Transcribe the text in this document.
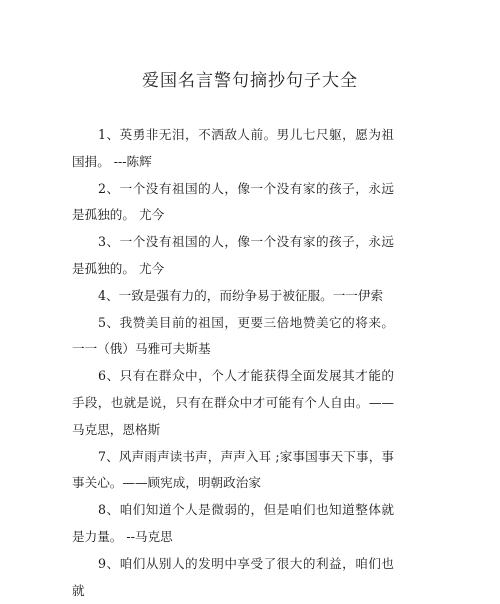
爱国名言警句摘抄句子大全

1、英勇非无泪，不洒敌人前。男儿七尺躯，愿为祖国捐。 ---陈辉

2、一个没有祖国的人，像一个没有家的孩子，永远是孤独的。 尤今

3、一个没有祖国的人，像一个没有家的孩子，永远是孤独的。 尤今

4、一致是强有力的，而纷争易于被征服。一一伊索

5、我赞美目前的祖国，更要三倍地赞美它的将来。一一（俄）马雅可夫斯基

6、只有在群众中，个人才能获得全面发展其才能的手段，也就是说，只有在群众中才可能有个人自由。——马克思，恩格斯

7、风声雨声读书声，声声入耳 ;家事国事天下事，事事关心。——顾宪成，明朝政治家

8、咱们知道个人是微弱的，但是咱们也知道整体就是力量。 --马克思

9、咱们从别人的发明中享受了很大的利益，咱们也就
